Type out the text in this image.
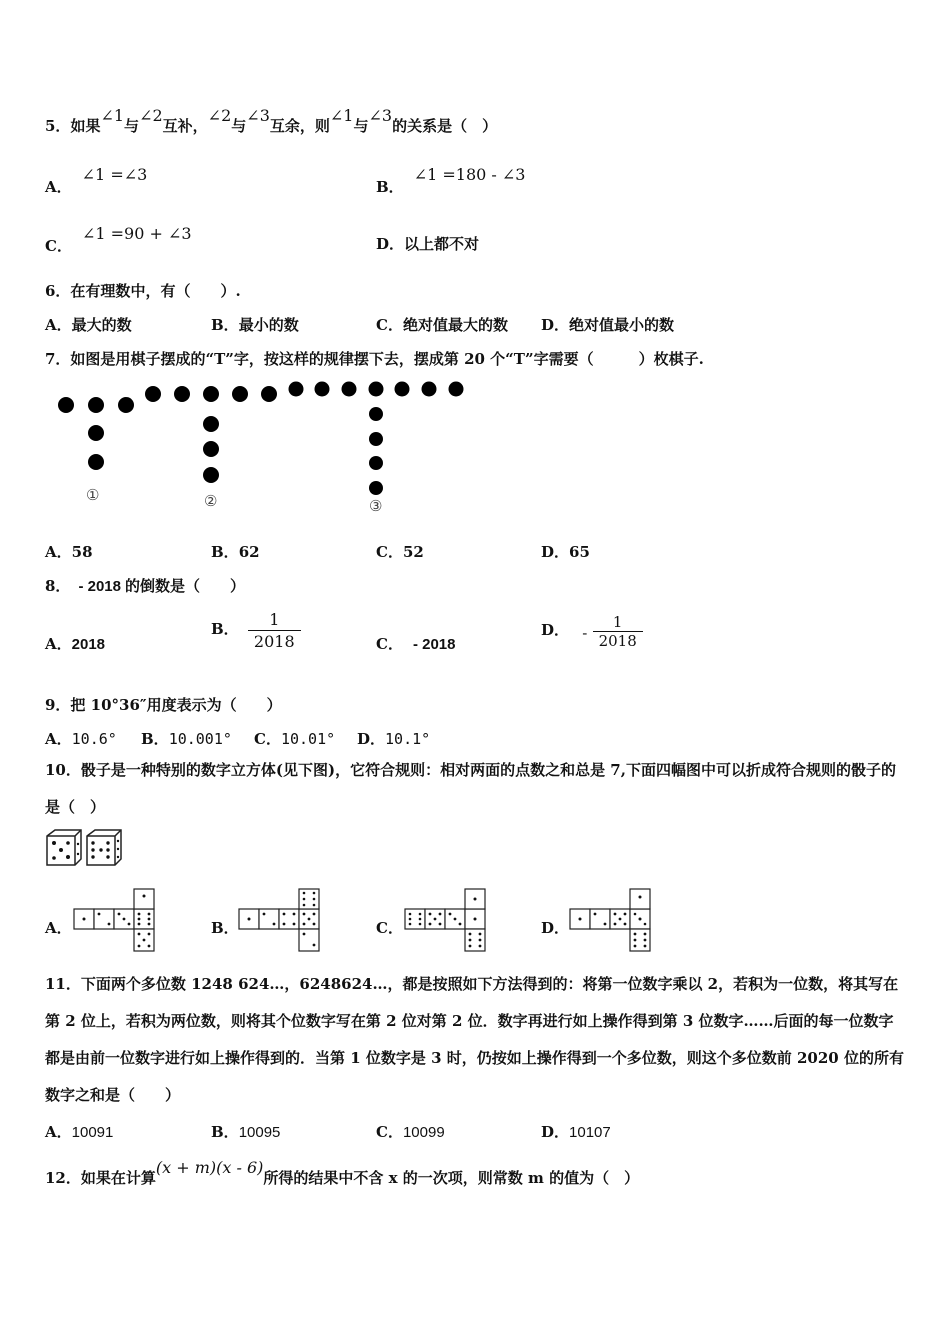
5．如果∠1与∠2互补，∠2与∠3互余，则∠1与∠3的关系是（　）
A．∠1 =∠3
B．∠1 =180 - ∠3
C．∠1 =90 + ∠3
D．以上都不对
6．在有理数中，有（　　）.
A．最大的数	B．最小的数	C．绝对值最大的数 D．绝对值最小的数
7．如图是用棋子摆成的“T”字，按这样的规律摆下去，摆成第 20 个“T”字需要（　　　）枚棋子.
①	②	③
A．58	B．62	C．52	D．65
8． - 2018 的倒数是（　　）
A．2018
B． $\frac{1}{2018}$	C． - 2018
D． - $\frac{1}{2018}$
9．把 10°36″用度表示为（　　）
A．10.6° B．10.001° C．10.01° D．10.1°
10．骰子是一种特别的数字立方体(见下图)，它符合规则：相对两面的点数之和总是 7,下面四幅图中可以折成符合规则的骰子的是（　）
A．	B．	C．	D．
11．下面两个多位数 1248 624…，6248624…，都是按照如下方法得到的：将第一位数字乘以 2，若积为一位数，将其写在第 2 位上，若积为两位数，则将其个位数字写在第 2 位对第 2 位．数字再进行如上操作得到第 3 位数字……后面的每一位数字都是由前一位数字进行如上操作得到的．当第 1 位数字是 3 时，仍按如上操作得到一个多位数，则这个多位数前 2020 位的所有数字之和是（　　）
A．10091	B．10095	C．10099	D．10107
12．如果在计算(x + m)(x - 6)所得的结果中不含 x 的一次项，则常数 m 的值为（　）
